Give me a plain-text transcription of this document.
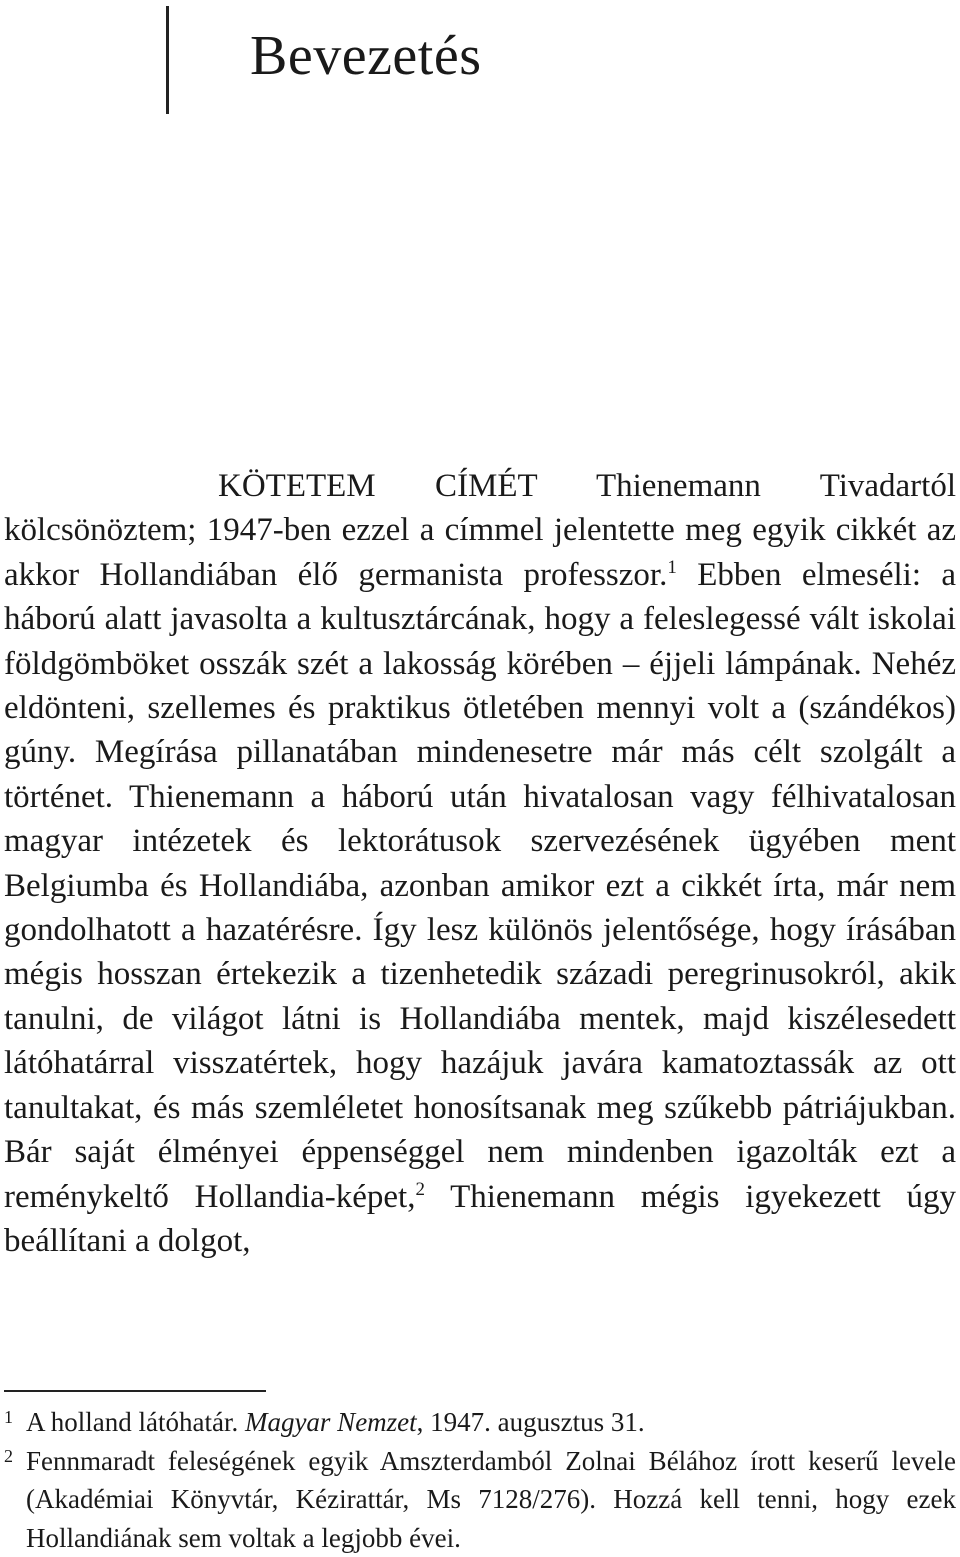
Bevezetés

KÖTETEM CÍMÉT Thienemann Tivadartól kölcsönöztem; 1947-ben ezzel a címmel jelentette meg egyik cikkét az akkor Hollandiában élő germanista professzor.$^1$ Ebben elmeséli: a háború alatt javasolta a kultusztárcának, hogy a feleslegessé vált iskolai földgömböket osszák szét a lakosság körében – éjjeli lámpának. Nehéz eldönteni, szellemes és praktikus ötletében mennyi volt a (szándékos) gúny. Megírása pillanatában mindenesetre már más célt szolgált a történet. Thienemann a háború után hivatalosan vagy félhivatalosan magyar intézetek és lektorátusok szervezésének ügyében ment Belgiumba és Hollandiába, azonban amikor ezt a cikkét írta, már nem gondolhatott a hazatérésre. Így lesz különös jelentősége, hogy írásában mégis hosszan értekezik a tizenhetedik századi peregrinusokról, akik tanulni, de világot látni is Hollandiába mentek, majd kiszélesedett látóhatárral visszatértek, hogy hazájuk javára kamatoztassák az ott tanultakat, és más szemléletet honosítsanak meg szűkebb pátriájukban. Bár saját élményei éppenséggel nem mindenben igazolták ezt a reménykeltő Hollandia-képet,$^2$ Thienemann mégis igyekezett úgy beállítani a dolgot,

1 A holland látóhatár. Magyar Nemzet, 1947. augusztus 31.
2 Fennmaradt feleségének egyik Amszterdamból Zolnai Bélához írott keserű levele (Akadémiai Könyvtár, Kézirattár, Ms 7128/276). Hozzá kell tenni, hogy ezek Hollandiának sem voltak a legjobb évei.
